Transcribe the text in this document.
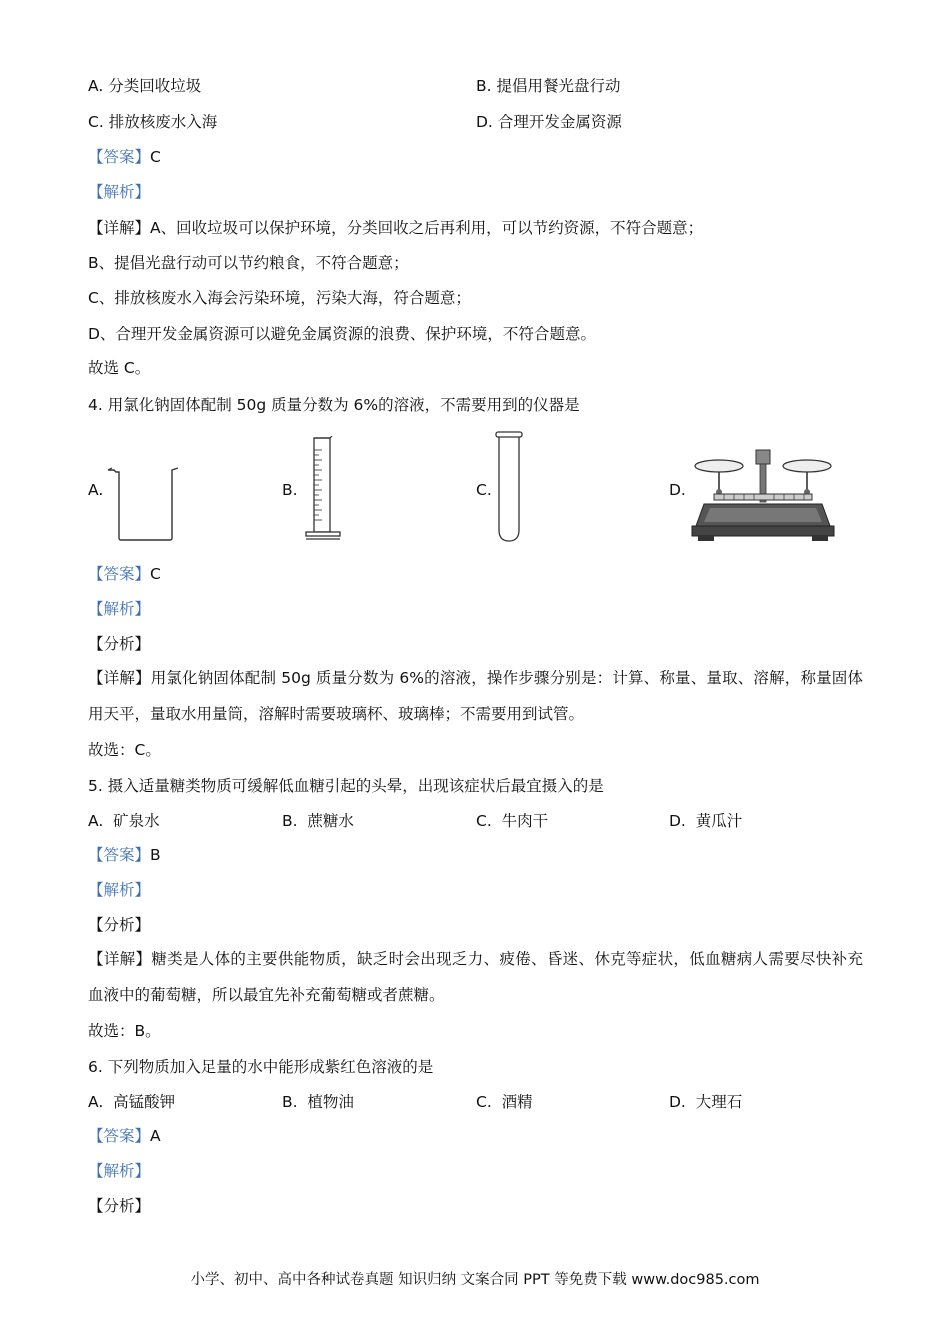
A. 分类回收垃圾	B. 提倡用餐光盘行动
C. 排放核废水入海	D. 合理开发金属资源
【答案】C
【解析】
【详解】A、回收垃圾可以保护环境，分类回收之后再利用，可以节约资源，不符合题意；
B、提倡光盘行动可以节约粮食，不符合题意；
C、排放核废水入海会污染环境，污染大海，符合题意；
D、合理开发金属资源可以避免金属资源的浪费、保护环境，不符合题意。
故选 C。
4. 用氯化钠固体配制 50g 质量分数为 6%的溶液，不需要用到的仪器是
A.	B.	C.	D.
【答案】C
【解析】
【分析】
【详解】用氯化钠固体配制 50g 质量分数为 6%的溶液，操作步骤分别是：计算、称量、量取、溶解，称量固体用天平，量取水用量筒，溶解时需要玻璃杯、玻璃棒；不需要用到试管。
故选：C。
5. 摄入适量糖类物质可缓解低血糖引起的头晕，出现该症状后最宜摄入的是
A. 矿泉水	B. 蔗糖水	C. 牛肉干	D. 黄瓜汁
【答案】B
【解析】
【分析】
【详解】糖类是人体的主要供能物质，缺乏时会出现乏力、疲倦、昏迷、休克等症状，低血糖病人需要尽快补充血液中的葡萄糖，所以最宜先补充葡萄糖或者蔗糖。
故选：B。
6. 下列物质加入足量的水中能形成紫红色溶液的是
A. 高锰酸钾	B. 植物油	C. 酒精	D. 大理石
【答案】A
【解析】
【分析】
小学、初中、高中各种试卷真题 知识归纳 文案合同 PPT 等免费下载 www.doc985.com
